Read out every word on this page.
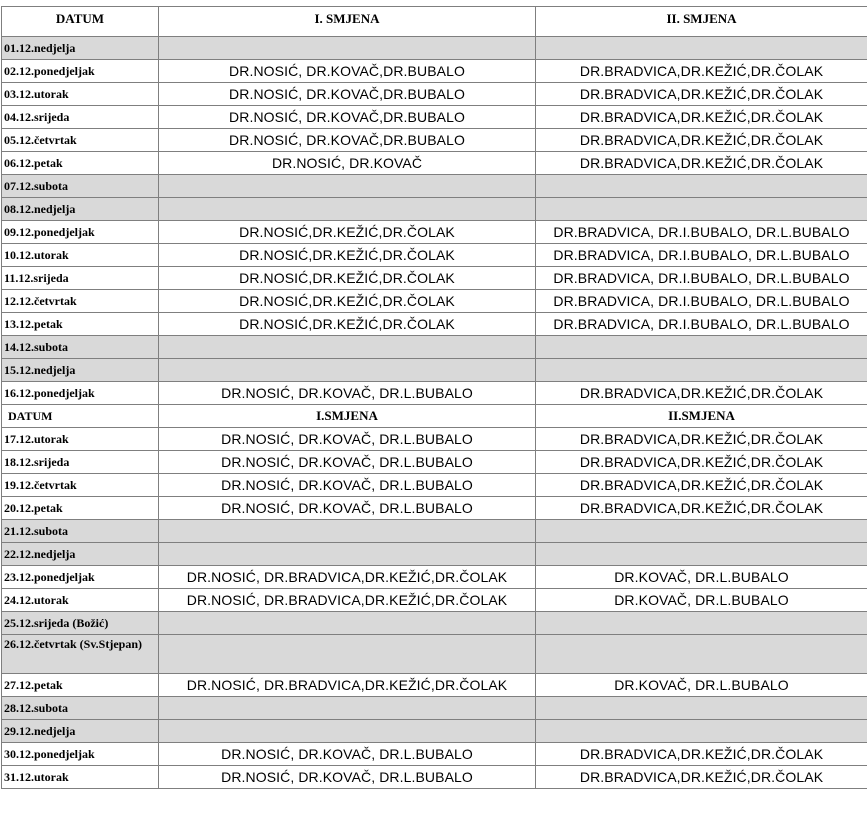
DATUM	I. SMJENA	II. SMJENA
01.12.nedjelja		
02.12.ponedjeljak	DR.NOSIĆ, DR.KOVAČ,DR.BUBALO	DR.BRADVICA,DR.KEŽIĆ,DR.ČOLAK
03.12.utorak	DR.NOSIĆ, DR.KOVAČ,DR.BUBALO	DR.BRADVICA,DR.KEŽIĆ,DR.ČOLAK
04.12.srijeda	DR.NOSIĆ, DR.KOVAČ,DR.BUBALO	DR.BRADVICA,DR.KEŽIĆ,DR.ČOLAK
05.12.četvrtak	DR.NOSIĆ, DR.KOVAČ,DR.BUBALO	DR.BRADVICA,DR.KEŽIĆ,DR.ČOLAK
06.12.petak	DR.NOSIĆ, DR.KOVAČ	DR.BRADVICA,DR.KEŽIĆ,DR.ČOLAK
07.12.subota		
08.12.nedjelja		
09.12.ponedjeljak	DR.NOSIĆ,DR.KEŽIĆ,DR.ČOLAK	DR.BRADVICA, DR.I.BUBALO, DR.L.BUBALO
10.12.utorak	DR.NOSIĆ,DR.KEŽIĆ,DR.ČOLAK	DR.BRADVICA, DR.I.BUBALO, DR.L.BUBALO
11.12.srijeda	DR.NOSIĆ,DR.KEŽIĆ,DR.ČOLAK	DR.BRADVICA, DR.I.BUBALO, DR.L.BUBALO
12.12.četvrtak	DR.NOSIĆ,DR.KEŽIĆ,DR.ČOLAK	DR.BRADVICA, DR.I.BUBALO, DR.L.BUBALO
13.12.petak	DR.NOSIĆ,DR.KEŽIĆ,DR.ČOLAK	DR.BRADVICA, DR.I.BUBALO, DR.L.BUBALO
14.12.subota		
15.12.nedjelja		
16.12.ponedjeljak	DR.NOSIĆ, DR.KOVAČ, DR.L.BUBALO	DR.BRADVICA,DR.KEŽIĆ,DR.ČOLAK
DATUM	I.SMJENA	II.SMJENA
17.12.utorak	DR.NOSIĆ, DR.KOVAČ, DR.L.BUBALO	DR.BRADVICA,DR.KEŽIĆ,DR.ČOLAK
18.12.srijeda	DR.NOSIĆ, DR.KOVAČ, DR.L.BUBALO	DR.BRADVICA,DR.KEŽIĆ,DR.ČOLAK
19.12.četvrtak	DR.NOSIĆ, DR.KOVAČ, DR.L.BUBALO	DR.BRADVICA,DR.KEŽIĆ,DR.ČOLAK
20.12.petak	DR.NOSIĆ, DR.KOVAČ, DR.L.BUBALO	DR.BRADVICA,DR.KEŽIĆ,DR.ČOLAK
21.12.subota		
22.12.nedjelja		
23.12.ponedjeljak	DR.NOSIĆ, DR.BRADVICA,DR.KEŽIĆ,DR.ČOLAK	DR.KOVAČ, DR.L.BUBALO
24.12.utorak	DR.NOSIĆ, DR.BRADVICA,DR.KEŽIĆ,DR.ČOLAK	DR.KOVAČ, DR.L.BUBALO
25.12.srijeda (Božić)		
26.12.četvrtak (Sv.Stjepan)		
27.12.petak	DR.NOSIĆ, DR.BRADVICA,DR.KEŽIĆ,DR.ČOLAK	DR.KOVAČ, DR.L.BUBALO
28.12.subota		
29.12.nedjelja		
30.12.ponedjeljak	DR.NOSIĆ, DR.KOVAČ, DR.L.BUBALO	DR.BRADVICA,DR.KEŽIĆ,DR.ČOLAK
31.12.utorak	DR.NOSIĆ, DR.KOVAČ, DR.L.BUBALO	DR.BRADVICA,DR.KEŽIĆ,DR.ČOLAK
